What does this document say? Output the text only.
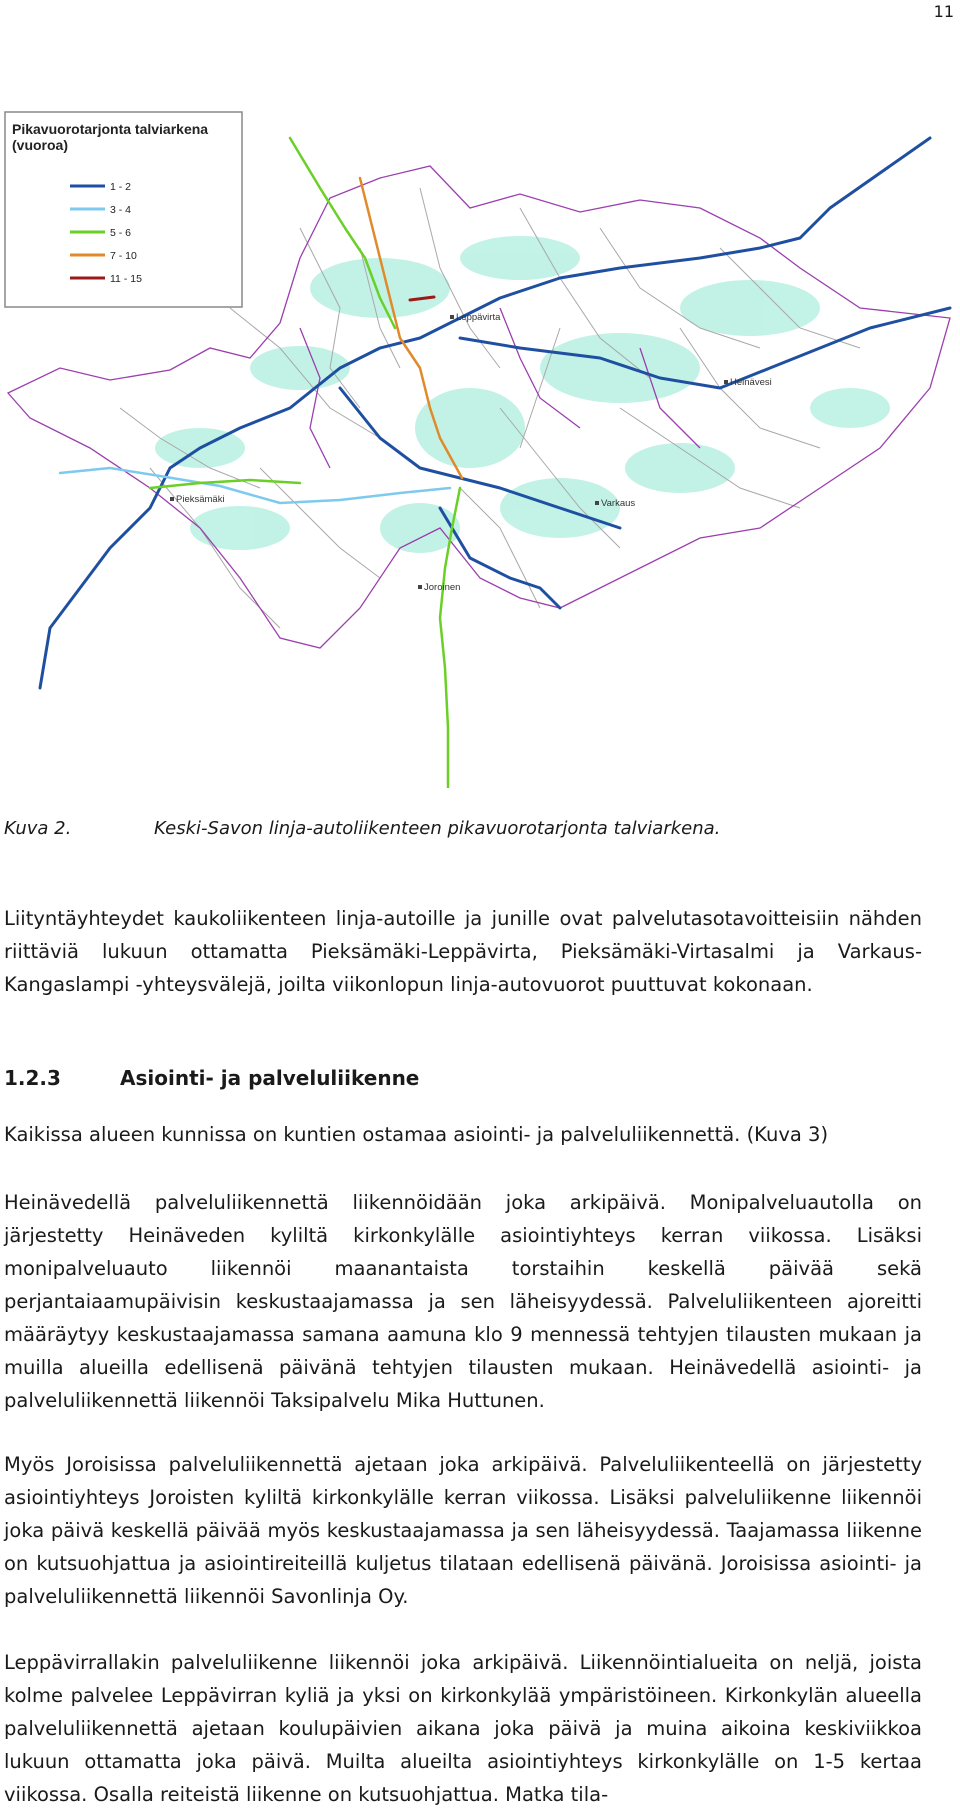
11
Leppävirta
Heinävesi
Pieksämäki	Varkaus
Joroinen
Pikavuorotarjonta talviarkena
(vuoroa)
1 - 2
3 - 4
5 - 6
7 - 10
11 - 15
Kuva 2.	Keski-Savon linja-autoliikenteen pikavuorotarjonta talviarkena.
Liityntäyhteydet kaukoliikenteen linja-autoille ja junille ovat palvelutasotavoitteisiin nähden riittäviä lukuun ottamatta Pieksämäki-Leppävirta, Pieksämäki-Virtasalmi ja Varkaus-Kangaslampi -yhteysvälejä, joilta viikonlopun linja-autovuorot puuttuvat kokonaan.
1.2.3	Asiointi- ja palveluliikenne
Kaikissa alueen kunnissa on kuntien ostamaa asiointi- ja palveluliikennettä. (Kuva 3)
Heinävedellä palveluliikennettä liikennöidään joka arkipäivä. Monipalveluautolla on järjestetty Heinäveden kyliltä kirkonkylälle asiointiyhteys kerran viikossa. Lisäksi monipalveluauto liikennöi maanantaista torstaihin keskellä päivää sekä perjantaiaamupäivisin keskustaajamassa ja sen läheisyydessä. Palveluliikenteen ajoreitti määräytyy keskustaajamassa samana aamuna klo 9 mennessä tehtyjen tilausten mukaan ja muilla alueilla edellisenä päivänä tehtyjen tilausten mukaan. Heinävedellä asiointi- ja palveluliikennettä liikennöi Taksipalvelu Mika Huttunen.
Myös Joroisissa palveluliikennettä ajetaan joka arkipäivä. Palveluliikenteellä on järjestetty asiointiyhteys Joroisten kyliltä kirkonkylälle kerran viikossa. Lisäksi palveluliikenne liikennöi joka päivä keskellä päivää myös keskustaajamassa ja sen läheisyydessä. Taajamassa liikenne on kutsuohjattua ja asiointireiteillä kuljetus tilataan edellisenä päivänä. Joroisissa asiointi- ja palveluliikennettä liikennöi Savonlinja Oy.
Leppävirrallakin palveluliikenne liikennöi joka arkipäivä. Liikennöintialueita on neljä, joista kolme palvelee Leppävirran kyliä ja yksi on kirkonkylää ympäristöineen. Kirkonkylän alueella palveluliikennettä ajetaan koulupäivien aikana joka päivä ja muina aikoina keskiviikkoa lukuun ottamatta joka päivä. Muilta alueilta asiointiyhteys kirkonkylälle on 1-5 kertaa viikossa. Osalla reiteistä liikenne on kutsuohjattua. Matka tila-
